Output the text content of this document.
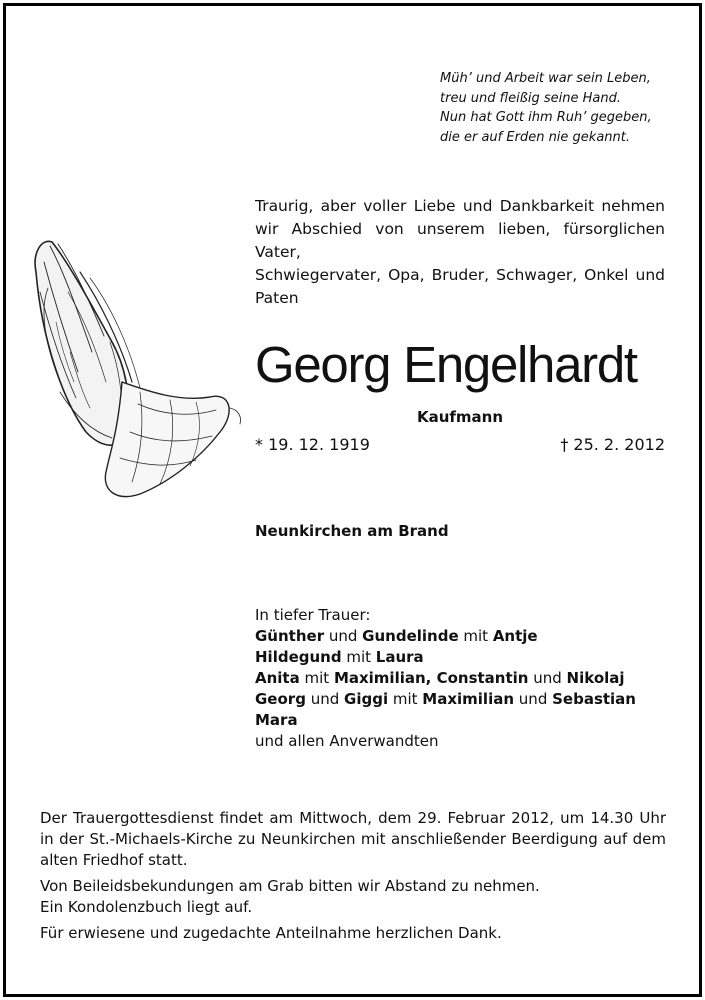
Müh’ und Arbeit war sein Leben,
treu und fleißig seine Hand.
Nun hat Gott ihm Ruh’ gegeben,
die er auf Erden nie gekannt.
Traurig, aber voller Liebe und Dankbarkeit nehmen
wir Abschied von unserem lieben, fürsorglichen Vater,
Schwiegervater, Opa, Bruder, Schwager, Onkel und
Paten
Georg Engelhardt
Kaufmann
* 19. 12. 1919	† 25. 2. 2012
Neunkirchen am Brand
In tiefer Trauer:
Günther und Gundelinde mit Antje
Hildegund mit Laura
Anita mit Maximilian, Constantin und Nikolaj
Georg und Giggi mit Maximilian und Sebastian
Mara
und allen Anverwandten
Der Trauergottesdienst findet am Mittwoch, dem 29. Februar 2012, um 14.30 Uhr
in der St.-Michaels-Kirche zu Neunkirchen mit anschließender Beerdigung auf dem
alten Friedhof statt.
Von Beileidsbekundungen am Grab bitten wir Abstand zu nehmen.
Ein Kondolenzbuch liegt auf.
Für erwiesene und zugedachte Anteilnahme herzlichen Dank.
